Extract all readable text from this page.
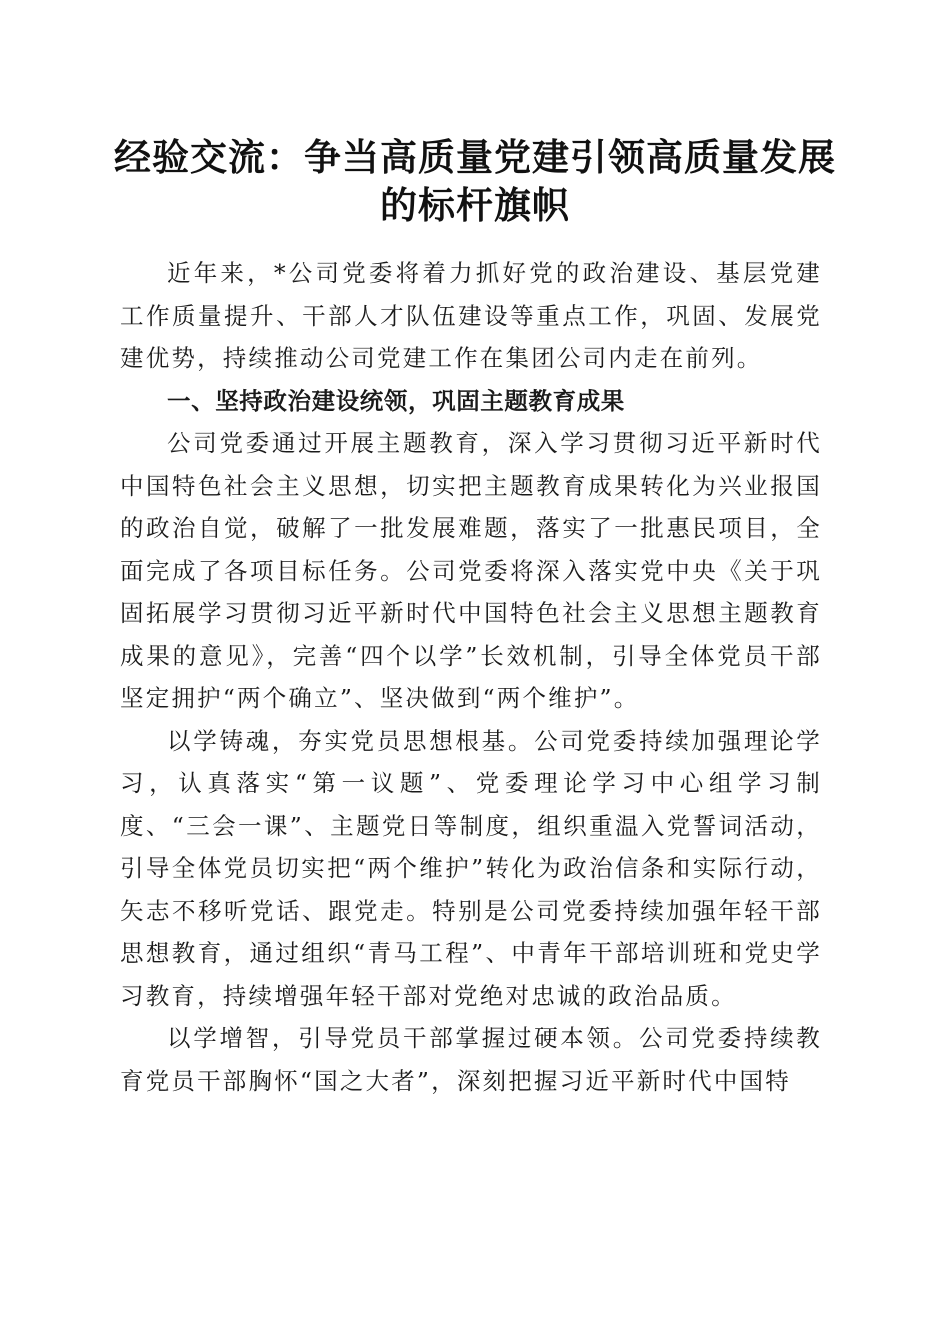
经验交流：争当高质量党建引领高质量发展的标杆旗帜

近年来，*公司党委将着力抓好党的政治建设、基层党建工作质量提升、干部人才队伍建设等重点工作，巩固、发展党建优势，持续推动公司党建工作在集团公司内走在前列。

一、坚持政治建设统领，巩固主题教育成果

公司党委通过开展主题教育，深入学习贯彻习近平新时代中国特色社会主义思想，切实把主题教育成果转化为兴业报国的政治自觉，破解了一批发展难题，落实了一批惠民项目，全面完成了各项目标任务。公司党委将深入落实党中央《关于巩固拓展学习贯彻习近平新时代中国特色社会主义思想主题教育成果的意见》，完善“四个以学”长效机制，引导全体党员干部坚定拥护“两个确立”、坚决做到“两个维护”。

以学铸魂，夯实党员思想根基。公司党委持续加强理论学习，认真落实“第一议题”、党委理论学习中心组学习制度、“三会一课”、主题党日等制度，组织重温入党誓词活动，引导全体党员切实把“两个维护”转化为政治信条和实际行动，矢志不移听党话、跟党走。特别是公司党委持续加强年轻干部思想教育，通过组织“青马工程”、中青年干部培训班和党史学习教育，持续增强年轻干部对党绝对忠诚的政治品质。

以学增智，引导党员干部掌握过硬本领。公司党委持续教育党员干部胸怀“国之大者”，深刻把握习近平新时代中国特
